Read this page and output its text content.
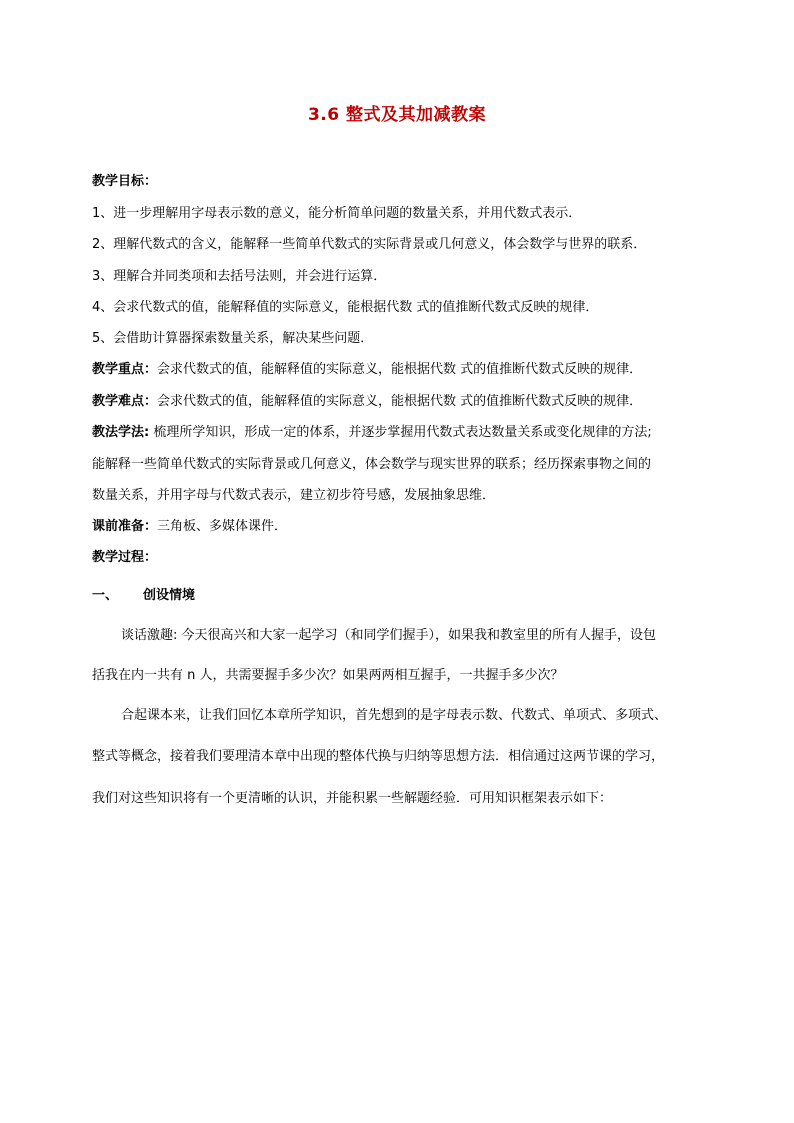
3.6 整式及其加减教案

教学目标：

1、进一步理解用字母表示数的意义，能分析简单问题的数量关系，并用代数式表示．

2、理解代数式的含义，能解释一些简单代数式的实际背景或几何意义，体会数学与世界的联系．

3、理解合并同类项和去括号法则，并会进行运算．

4、会求代数式的值，能解释值的实际意义，能根据代数 式的值推断代数式反映的规律．

5、会借助计算器探索数量关系，解决某些问题．

教学重点：会求代数式的值，能解释值的实际意义，能根据代数 式的值推断代数式反映的规律．

教学难点：会求代数式的值，能解释值的实际意义，能根据代数 式的值推断代数式反映的规律．

教法学法: 梳理所学知识，形成一定的体系，并逐步掌握用代数式表达数量关系或变化规律的方法;

能解释一些简单代数式的实际背景或几何意义，体会数学与现实世界的联系；经历探索事物之间的

数量关系，并用字母与代数式表示，建立初步符号感，发展抽象思维．

课前准备：三角板、多媒体课件．

教学过程：

一、 创设情境

谈话激趣: 今天很高兴和大家一起学习（和同学们握手），如果我和教室里的所有人握手，设包

括我在内一共有 n 人，共需要握手多少次？如果两两相互握手，一共握手多少次？

合起课本来，让我们回忆本章所学知识，首先想到的是字母表示数、代数式、单项式、多项式、

整式等概念，接着我们要理清本章中出现的整体代换与归纳等思想方法．相信通过这两节课的学习，

我们对这些知识将有一个更清晰的认识，并能积累一些解题经验．可用知识框架表示如下：
